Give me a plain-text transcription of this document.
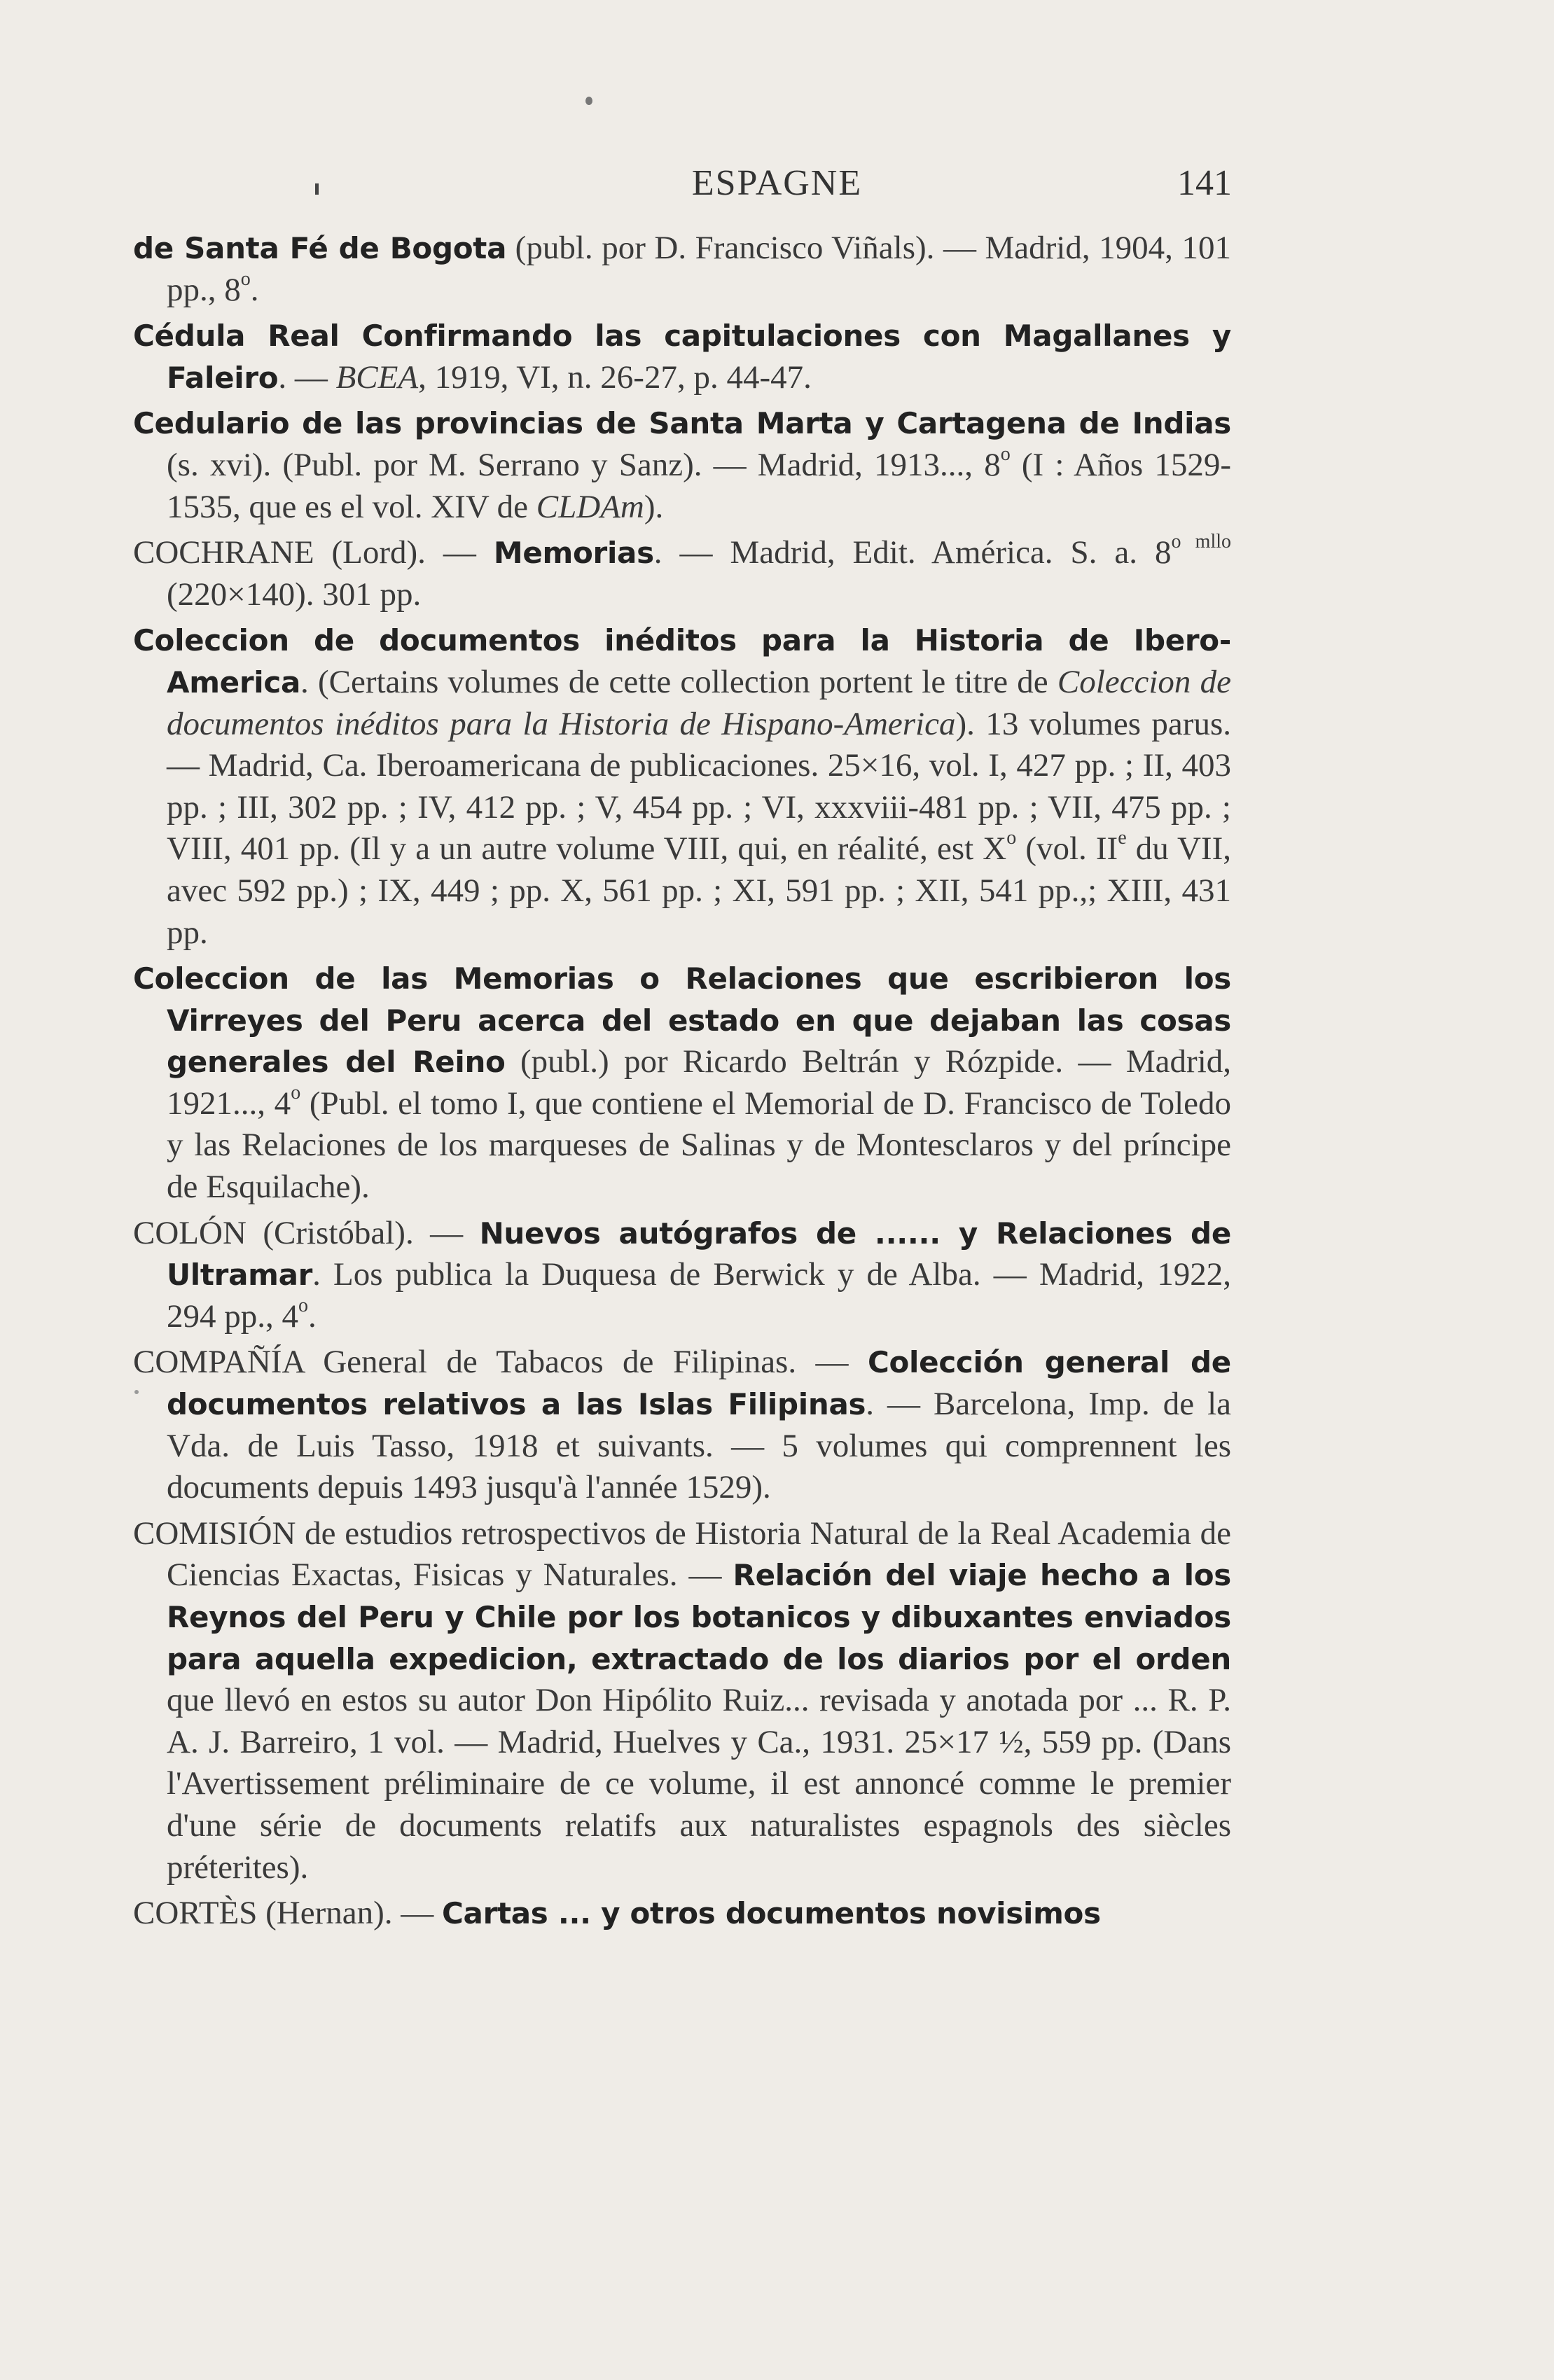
ESPAGNE	141

de Santa Fé de Bogota (publ. por D. Francisco Viñals). — Madrid, 1904, 101 pp., 8$^o$.

Cédula Real Confirmando las capitulaciones con Magallanes y Faleiro. — BCEA, 1919, VI, n. 26-27, p. 44-47.

Cedulario de las provincias de Santa Marta y Cartagena de Indias (s. xvi). (Publ. por M. Serrano y Sanz). — Madrid, 1913..., 8$^o$ (I : Años 1529-1535, que es el vol. XIV de CLDAm).

COCHRANE (Lord). — Memorias. — Madrid, Edit. América. S. a. $8^{o mllo}$ (220×140). 301 pp.

Coleccion de documentos inéditos para la Historia de Ibero-America. (Certains volumes de cette collection portent le titre de Coleccion de documentos inéditos para la Historia de Hispano-America). 13 volumes parus. — Madrid, Ca. Iberoamericana de publicaciones. 25×16, vol. I, 427 pp. ; II, 403 pp. ; III, 302 pp. ; IV, 412 pp. ; V, 454 pp. ; VI, xxxviii-481 pp. ; VII, 475 pp. ; VIII, 401 pp. (Il y a un autre volume VIII, qui, en réalité, est $X^o$ (vol. IIe du VII, avec 592 pp.) ; IX, 449 ; pp. X, 561 pp. ; XI, 591 pp. ; XII, 541 pp.,; XIII, 431 pp.

Coleccion de las Memorias o Relaciones que escribieron los Virreyes del Peru acerca del estado en que dejaban las cosas generales del Reino (publ.) por Ricardo Beltrán y Rózpide. — Madrid, 1921..., 4$^o$ (Publ. el tomo I, que contiene el Memorial de D. Francisco de Toledo y las Relaciones de los marqueses de Salinas y de Montesclaros y del príncipe de Esquilache).

COLÓN (Cristóbal). — Nuevos autógrafos de ...... y Relaciones de Ultramar. Los publica la Duquesa de Berwick y de Alba. — Madrid, 1922, 294 pp., 4$^o$.

COMPAÑÍA General de Tabacos de Filipinas. — Colección general de documentos relativos a las Islas Filipinas. — Barcelona, Imp. de la Vda. de Luis Tasso, 1918 et suivants. — 5 volumes qui comprennent les documents depuis 1493 jusqu'à l'année 1529).

COMISIÓN de estudios retrospectivos de Historia Natural de la Real Academia de Ciencias Exactas, Fisicas y Naturales. — Relación del viaje hecho a los Reynos del Peru y Chile por los botanicos y dibuxantes enviados para aquella expedicion, extractado de los diarios por el orden que llevó en estos su autor Don Hipólito Ruiz... revisada y anotada por ... R. P. A. J. Barreiro, 1 vol. — Madrid, Huelves y Ca., 1931. 25×17 ½, 559 pp. (Dans l'Avertissement préliminaire de ce volume, il est annoncé comme le premier d'une série de documents relatifs aux naturalistes espagnols des siècles préterites).

CORTÈS (Hernan). — Cartas ... y otros documentos novisimos
